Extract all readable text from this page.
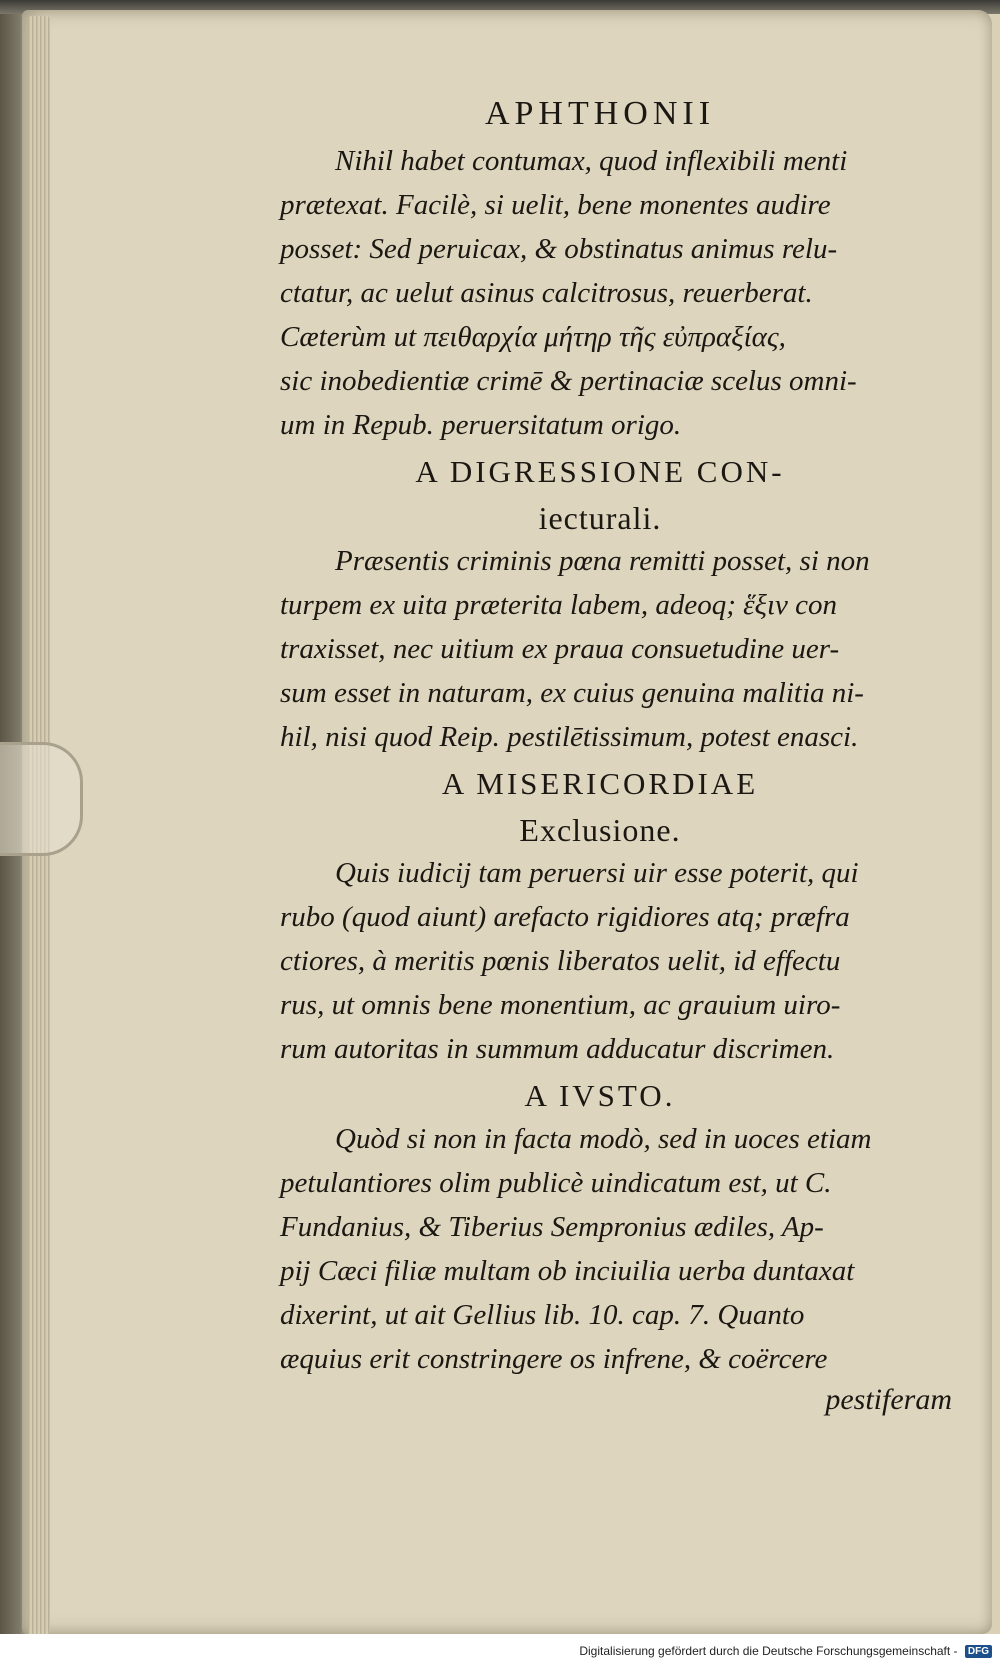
APHTHONII

Nihil habet contumax, quod inflexibili menti

prætexat. Facilè, si uelit, bene monentes audire

posset: Sed peruicax, & obstinatus animus relu-

ctatur, ac uelut asinus calcitrosus, reuerberat.

Cæterùm ut πειθαρχία μήτηρ τῆς εὐπραξίας,

sic inobedientiæ crimē & pertinaciæ scelus omni-

um in Repub. peruersitatum origo.

A DIGRESSIONE CON-
iecturali.

Præsentis criminis pœna remitti posset, si non

turpem ex uita præterita labem, adeoq; ἕξιν con

traxisset, nec uitium ex praua consuetudine uer-

sum esset in naturam, ex cuius genuina malitia ni-

hil, nisi quod Reip. pestilētissimum, potest enasci.

A MISERICORDIAE
Exclusione.

Quis iudicij tam peruersi uir esse poterit, qui

rubo (quod aiunt) arefacto rigidiores atq; præfra

ctiores, à meritis pœnis liberatos uelit, id effectu

rus, ut omnis bene monentium, ac grauium uiro-

rum autoritas in summum adducatur discrimen.

A IVSTO.

Quòd si non in facta modò, sed in uoces etiam

petulantiores olim publicè uindicatum est, ut C.

Fundanius, & Tiberius Sempronius ædiles, Ap-

pij Cæci filiæ multam ob inciuilia uerba duntaxat

dixerint, ut ait Gellius lib. 10. cap. 7. Quanto

æquius erit constringere os infrene, & coërcere

pestiferam
Digitalisierung gefördert durch die Deutsche Forschungsgemeinschaft - DFG
